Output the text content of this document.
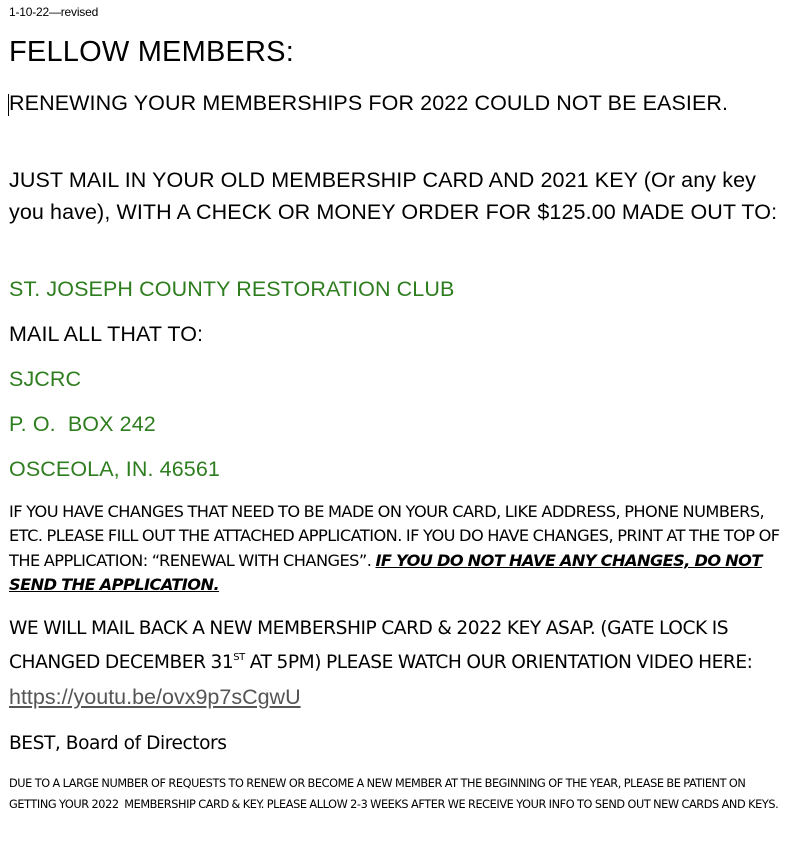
1-10-22—revised
FELLOW MEMBERS:
RENEWING YOUR MEMBERSHIPS FOR 2022 COULD NOT BE EASIER.
JUST MAIL IN YOUR OLD MEMBERSHIP CARD AND 2021 KEY (Or any key you have), WITH A CHECK OR MONEY ORDER FOR $125.00 MADE OUT TO:
ST. JOSEPH COUNTY RESTORATION CLUB
MAIL ALL THAT TO:
SJCRC
P. O.  BOX 242
OSCEOLA, IN. 46561
IF YOU HAVE CHANGES THAT NEED TO BE MADE ON YOUR CARD, LIKE ADDRESS, PHONE NUMBERS, ETC. PLEASE FILL OUT THE ATTACHED APPLICATION. IF YOU DO HAVE CHANGES, PRINT AT THE TOP OF THE APPLICATION: “RENEWAL WITH CHANGES”. IF YOU DO NOT HAVE ANY CHANGES, DO NOT SEND THE APPLICATION.
WE WILL MAIL BACK A NEW MEMBERSHIP CARD & 2022 KEY ASAP. (GATE LOCK IS CHANGED DECEMBER 31ST AT 5PM) PLEASE WATCH OUR ORIENTATION VIDEO HERE: https://youtu.be/ovx9p7sCgwU
BEST, Board of Directors
DUE TO A LARGE NUMBER OF REQUESTS TO RENEW OR BECOME A NEW MEMBER AT THE BEGINNING OF THE YEAR, PLEASE BE PATIENT ON GETTING YOUR 2022  MEMBERSHIP CARD & KEY. PLEASE ALLOW 2-3 WEEKS AFTER WE RECEIVE YOUR INFO TO SEND OUT NEW CARDS AND KEYS.
